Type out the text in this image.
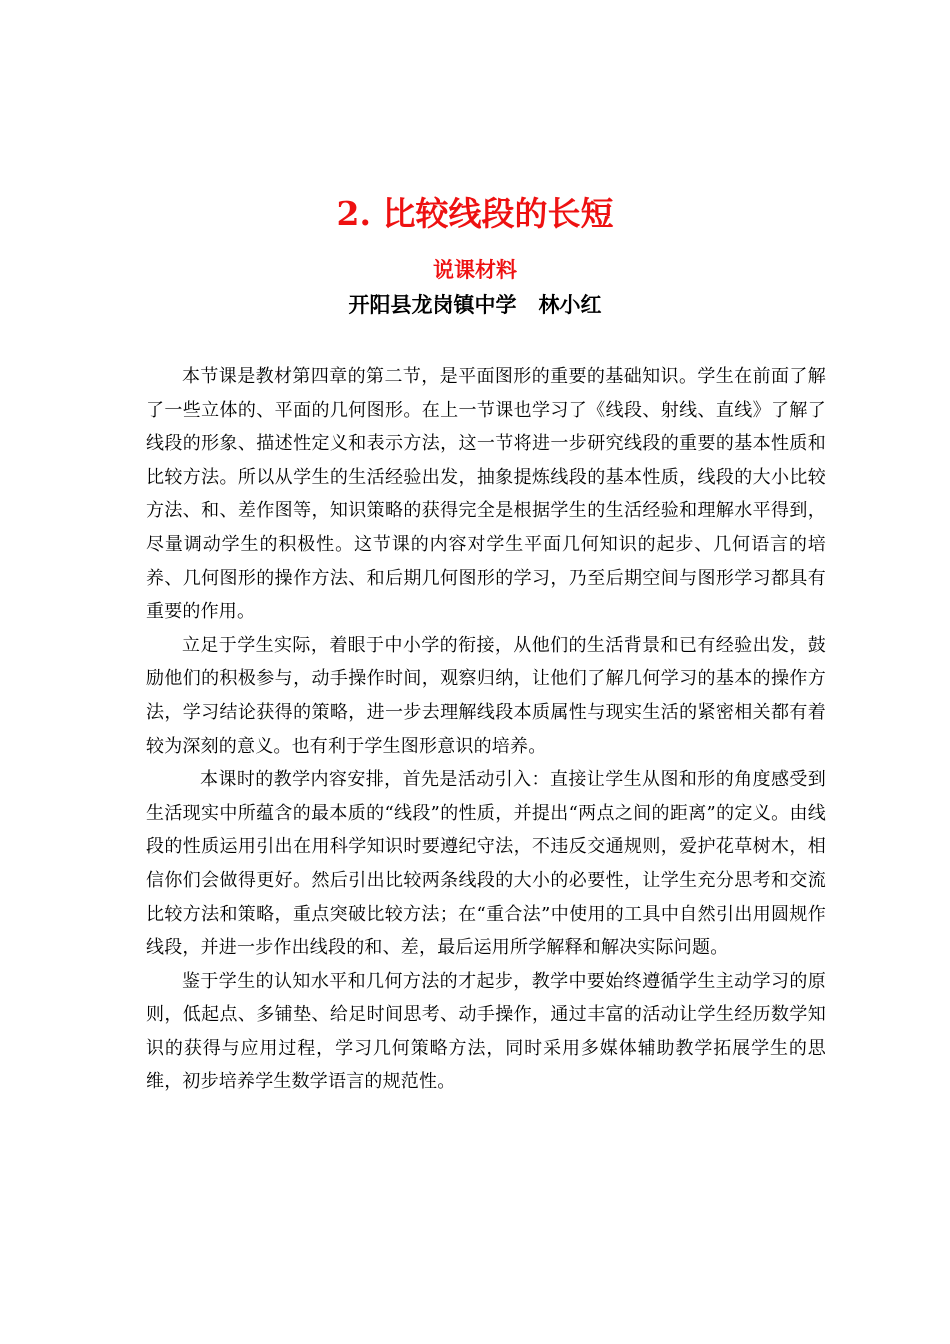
2. 比较线段的长短
说课材料
开阳县龙岗镇中学   林小红

本节课是教材第四章的第二节，是平面图形的重要的基础知识。学生在前面了解了一些立体的、平面的几何图形。在上一节课也学习了《线段、射线、直线》了解了线段的形象、描述性定义和表示方法，这一节将进一步研究线段的重要的基本性质和比较方法。所以从学生的生活经验出发，抽象提炼线段的基本性质，线段的大小比较方法、和、差作图等，知识策略的获得完全是根据学生的生活经验和理解水平得到，尽量调动学生的积极性。这节课的内容对学生平面几何知识的起步、几何语言的培养、几何图形的操作方法、和后期几何图形的学习，乃至后期空间与图形学习都具有重要的作用。

立足于学生实际，着眼于中小学的衔接，从他们的生活背景和已有经验出发，鼓励他们的积极参与，动手操作时间，观察归纳，让他们了解几何学习的基本的操作方法，学习结论获得的策略，进一步去理解线段本质属性与现实生活的紧密相关都有着较为深刻的意义。也有利于学生图形意识的培养。

本课时的教学内容安排，首先是活动引入：直接让学生从图和形的角度感受到生活现实中所蕴含的最本质的“线段”的性质，并提出“两点之间的距离”的定义。由线段的性质运用引出在用科学知识时要遵纪守法，不违反交通规则，爱护花草树木，相信你们会做得更好。然后引出比较两条线段的大小的必要性，让学生充分思考和交流比较方法和策略，重点突破比较方法；在“重合法”中使用的工具中自然引出用圆规作线段，并进一步作出线段的和、差，最后运用所学解释和解决实际问题。

鉴于学生的认知水平和几何方法的才起步，教学中要始终遵循学生主动学习的原则，低起点、多铺垫、给足时间思考、动手操作，通过丰富的活动让学生经历数学知识的获得与应用过程，学习几何策略方法，同时采用多媒体辅助教学拓展学生的思维，初步培养学生数学语言的规范性。
